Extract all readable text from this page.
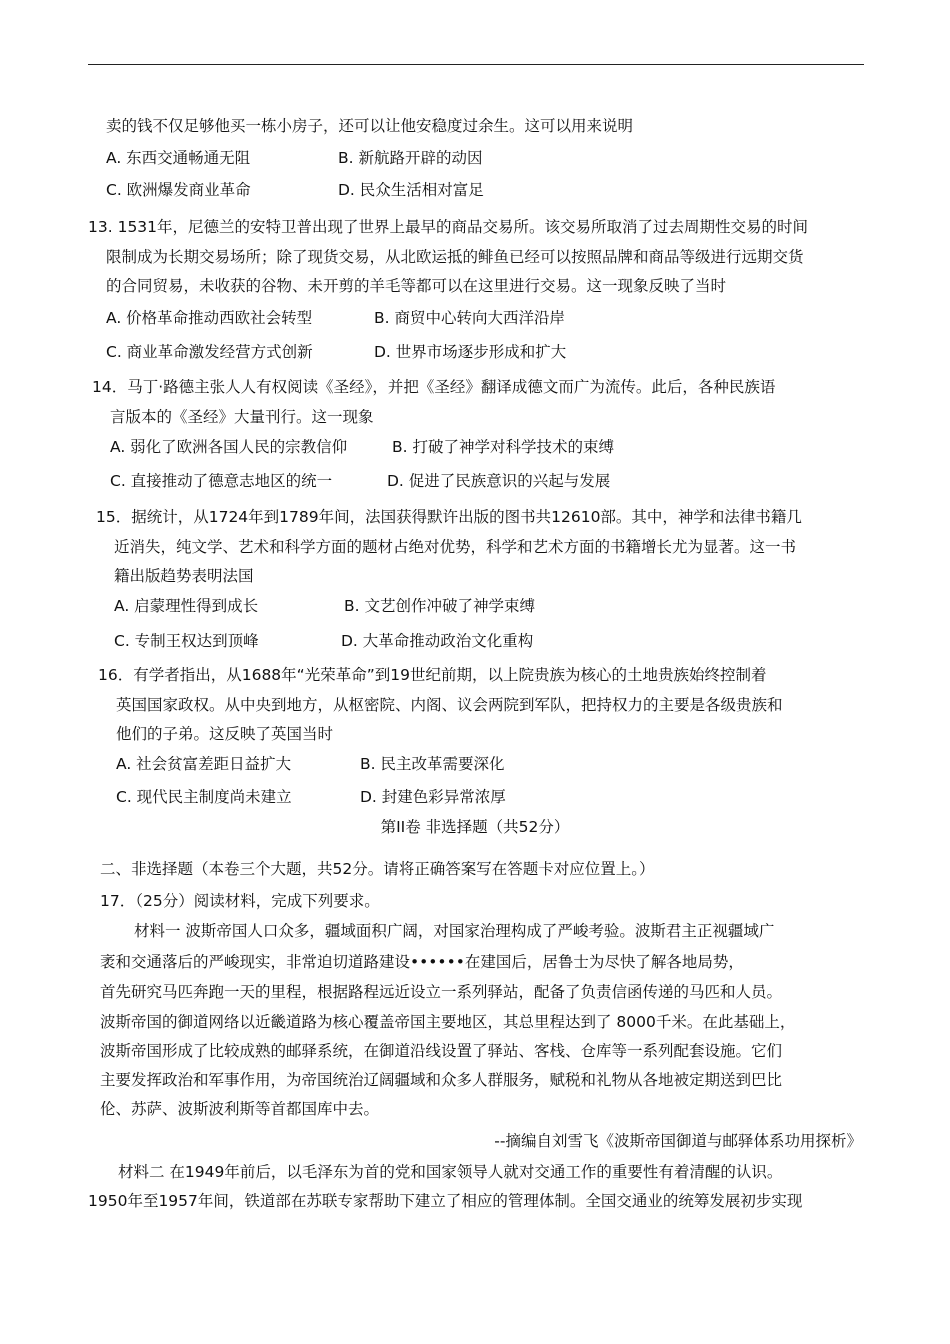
卖的钱不仅足够他买一栋小房子，还可以让他安稳度过余生。这可以用来说明
A. 东西交通畅通无阻	B. 新航路开辟的动因
C. 欧洲爆发商业革命	D. 民众生活相对富足
13. 1531年，尼德兰的安特卫普出现了世界上最早的商品交易所。该交易所取消了过去周期性交易的时间
限制成为长期交易场所；除了现货交易，从北欧运抵的鲱鱼已经可以按照品牌和商品等级进行远期交货
的合同贸易，未收获的谷物、未开剪的羊毛等都可以在这里进行交易。这一现象反映了当时
A. 价格革命推动西欧社会转型	B. 商贸中心转向大西洋沿岸
C. 商业革命激发经营方式创新	D. 世界市场逐步形成和扩大
14．马丁·路德主张人人有权阅读《圣经》，并把《圣经》翻译成德文而广为流传。此后，各种民族语
言版本的《圣经》大量刊行。这一现象
A. 弱化了欧洲各国人民的宗教信仰	B. 打破了神学对科学技术的束缚
C. 直接推动了德意志地区的统一	D. 促进了民族意识的兴起与发展
15．据统计，从1724年到1789年间，法国获得默许出版的图书共12610部。其中，神学和法律书籍几
近消失，纯文学、艺术和科学方面的题材占绝对优势，科学和艺术方面的书籍增长尤为显著。这一书
籍出版趋势表明法国
A. 启蒙理性得到成长	B. 文艺创作冲破了神学束缚
C. 专制王权达到顶峰	D. 大革命推动政治文化重构
16．有学者指出，从1688年“光荣革命”到19世纪前期，以上院贵族为核心的土地贵族始终控制着
英国国家政权。从中央到地方，从枢密院、内阁、议会两院到军队，把持权力的主要是各级贵族和
他们的子弟。这反映了英国当时
A. 社会贫富差距日益扩大	B. 民主改革需要深化
C. 现代民主制度尚未建立	D. 封建色彩异常浓厚
第II卷 非选择题（共52分）
二、非选择题（本卷三个大题，共52分。请将正确答案写在答题卡对应位置上。）
17．（25分）阅读材料，完成下列要求。
材料一 波斯帝国人口众多，疆域面积广阔，对国家治理构成了严峻考验。波斯君主正视疆域广
袤和交通落后的严峻现实，非常迫切道路建设••••••在建国后，居鲁士为尽快了解各地局势，
首先研究马匹奔跑一天的里程，根据路程远近设立一系列驿站，配备了负责信函传递的马匹和人员。
波斯帝国的御道网络以近畿道路为核心覆盖帝国主要地区，其总里程达到了 8000千米。在此基础上，
波斯帝国形成了比较成熟的邮驿系统，在御道沿线设置了驿站、客栈、仓库等一系列配套设施。它们
主要发挥政治和军事作用，为帝国统治辽阔疆域和众多人群服务，赋税和礼物从各地被定期送到巴比
伦、苏萨、波斯波利斯等首都国库中去。
--摘编自刘雪飞《波斯帝国御道与邮驿体系功用探析》
材料二 在1949年前后，以毛泽东为首的党和国家领导人就对交通工作的重要性有着清醒的认识。
1950年至1957年间，铁道部在苏联专家帮助下建立了相应的管理体制。全国交通业的统筹发展初步实现
